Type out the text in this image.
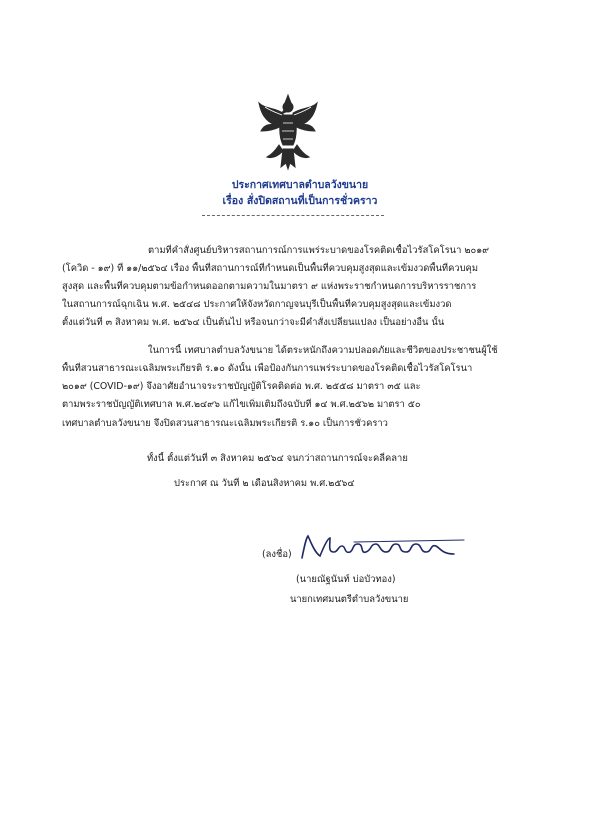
ประกาศเทศบาลตำบลวังขนาย
เรื่อง สั่งปิดสถานที่เป็นการชั่วคราว
ตามที่คำสั่งศูนย์บริหารสถานการณ์การแพร่ระบาดของโรคติดเชื้อไวรัสโคโรนา ๒๐๑๙
(โควิด - ๑๙) ที่ ๑๑/๒๕๖๔ เรื่อง พื้นที่สถานการณ์ที่กำหนดเป็นพื้นที่ควบคุมสูงสุดและเข้มงวดพื้นที่ควบคุม
สูงสุด และพื้นที่ควบคุมตามข้อกำหนดออกตามความในมาตรา ๙ แห่งพระราชกำหนดการบริหารราชการ
ในสถานการณ์ฉุกเฉิน พ.ศ. ๒๕๔๘ ประกาศให้จังหวัดกาญจนบุรีเป็นพื้นที่ควบคุมสูงสุดและเข้มงวด
ตั้งแต่วันที่ ๓ สิงหาคม พ.ศ. ๒๕๖๔ เป็นต้นไป หรือจนกว่าจะมีคำสั่งเปลี่ยนแปลง เป็นอย่างอื่น นั้น
ในการนี้ เทศบาลตำบลวังขนาย ได้ตระหนักถึงความปลอดภัยและชีวิตของประชาชนผู้ใช้
พื้นที่สวนสาธารณะเฉลิมพระเกียรติ ร.๑๐ ดังนั้น เพื่อป้องกันการแพร่ระบาดของโรคติดเชื้อไวรัสโคโรนา
๒๐๑๙ (COVID-๑๙) จึงอาศัยอำนาจระราชบัญญัติโรคติดต่อ พ.ศ. ๒๕๕๘ มาตรา ๓๕ และ
ตามพระราชบัญญัติเทศบาล พ.ศ.๒๔๙๖ แก้ไขเพิ่มเติมถึงฉบับที่ ๑๔ พ.ศ.๒๕๖๒ มาตรา ๕๐
เทศบาลตำบลวังขนาย จึงปิดสวนสาธารณะเฉลิมพระเกียรติ ร.๑๐ เป็นการชั่วคราว
ทั้งนี้ ตั้งแต่วันที่ ๓ สิงหาคม ๒๕๖๔ จนกว่าสถานการณ์จะคลี่คลาย
ประกาศ ณ วันที่ ๒ เดือนสิงหาคม พ.ศ.๒๕๖๔
(ลงชื่อ)
(นายณัฐนันท์ บ่อบัวทอง)
นายกเทศมนตรีตำบลวังขนาย
